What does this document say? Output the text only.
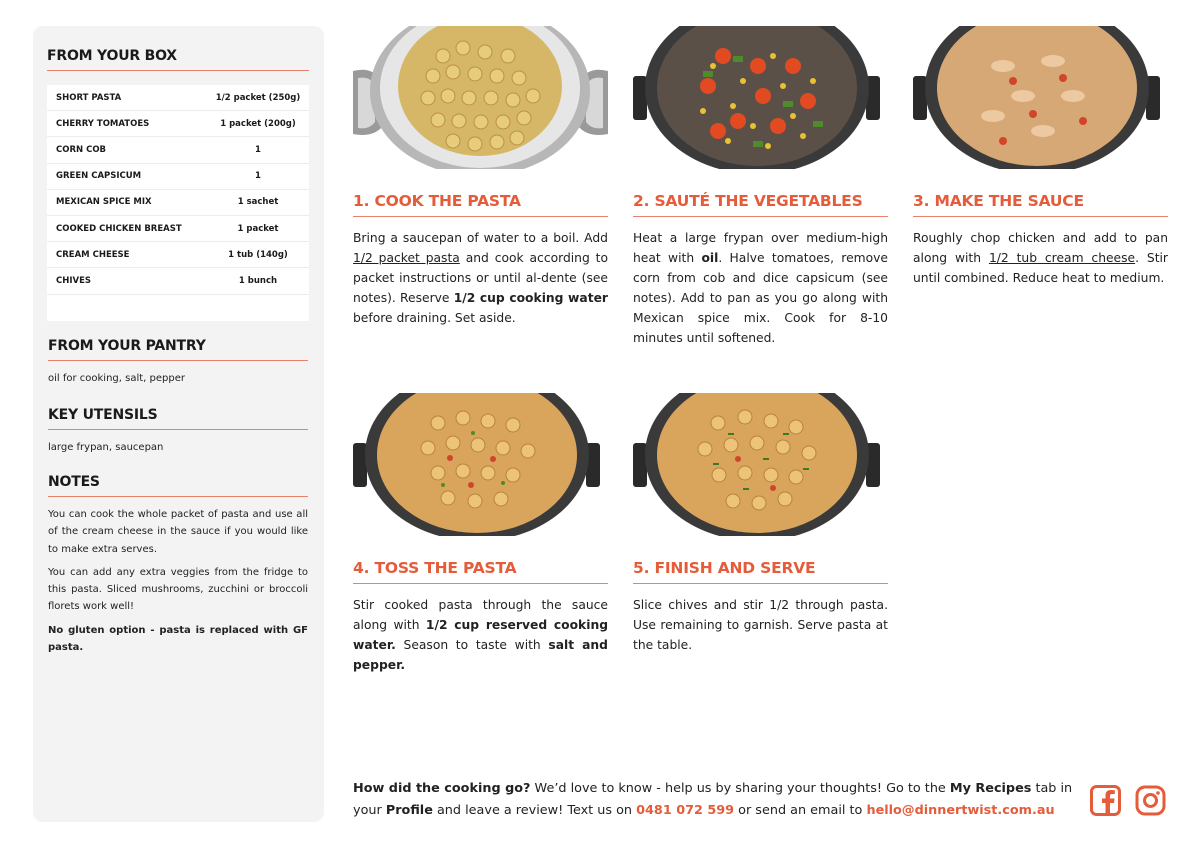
FROM YOUR BOX
SHORT PASTA	1/2 packet (250g)
CHERRY TOMATOES	1 packet (200g)
CORN COB	1
GREEN CAPSICUM	1
MEXICAN SPICE MIX	1 sachet
COOKED CHICKEN BREAST	1 packet
CREAM CHEESE	1 tub (140g)
CHIVES	1 bunch
FROM YOUR PANTRY
oil for cooking, salt, pepper
KEY UTENSILS
large frypan, saucepan
NOTES

You can cook the whole packet of pasta and use all of the cream cheese in the sauce if you would like to make extra serves.

You can add any extra veggies from the fridge to this pasta. Sliced mushrooms, zucchini or broccoli florets work well!

No gluten option - pasta is replaced with GF pasta.

1. COOK THE PASTA

Bring a saucepan of water to a boil. Add 1/2 packet pasta and cook according to packet instructions or until al-dente (see notes). Reserve 1/2 cup cooking water before draining. Set aside.

2. SAUTÉ THE VEGETABLES

Heat a large frypan over medium-high heat with oil. Halve tomatoes, remove corn from cob and dice capsicum (see notes). Add to pan as you go along with Mexican spice mix. Cook for 8-10 minutes until softened.

3. MAKE THE SAUCE

Roughly chop chicken and add to pan along with 1/2 tub cream cheese. Stir until combined. Reduce heat to medium.

4. TOSS THE PASTA

Stir cooked pasta through the sauce along with 1/2 cup reserved cooking water. Season to taste with salt and pepper.

5. FINISH AND SERVE

Slice chives and stir 1/2 through pasta. Use remaining to garnish. Serve pasta at the table.

How did the cooking go? We’d love to know - help us by sharing your thoughts! Go to the My Recipes tab in your Profile and leave a review! Text us on 0481 072 599 or send an email to hello@dinnertwist.com.au
